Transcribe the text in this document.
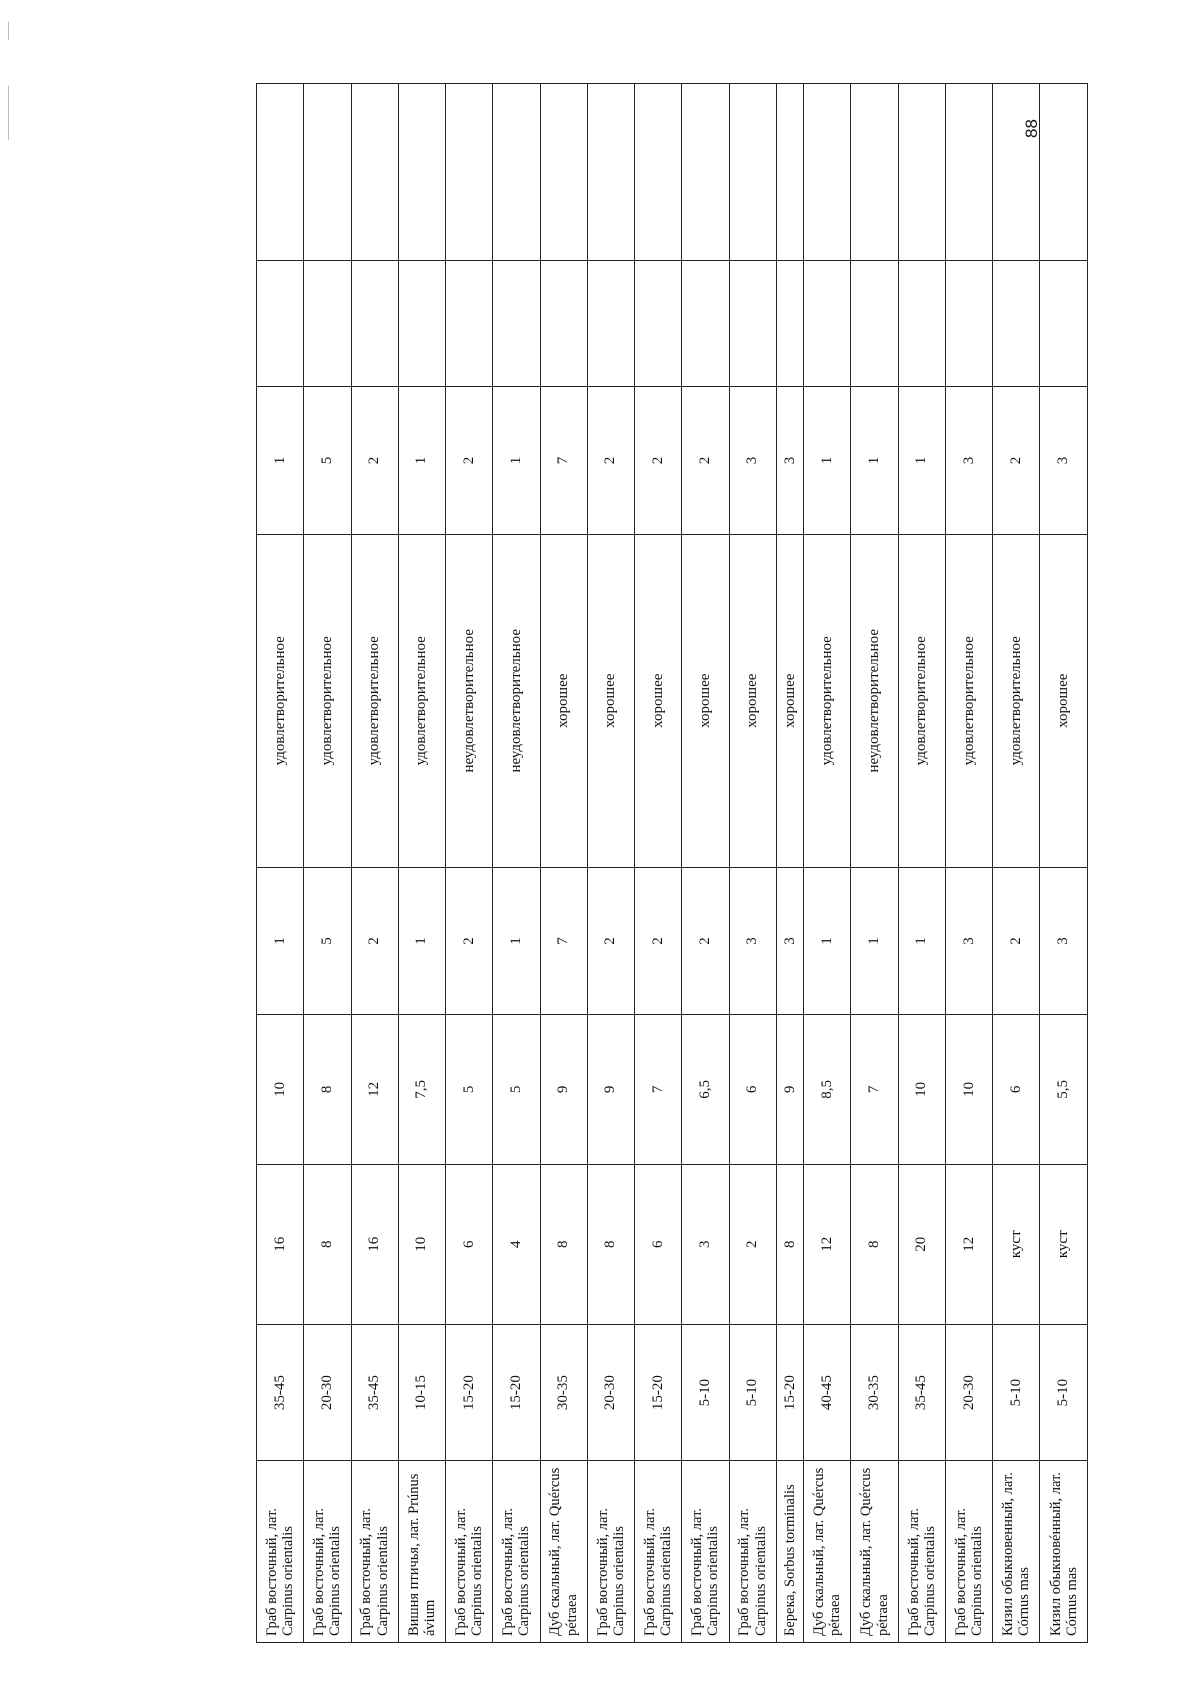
Граб восточный, лат. Carpinus orientalis	35-45	16	10	1	удовлетворительное	1		
Граб восточный, лат. Carpinus orientalis	20-30	8	8	5	удовлетворительное	5		
Граб восточный, лат. Carpinus orientalis	35-45	16	12	2	удовлетворительное	2		
Вишня птичья, лат. Prúnus ávium	10-15	10	7,5	1	удовлетворительное	1		
Граб восточный, лат. Carpinus orientalis	15-20	6	5	2	неудовлетворительное	2		
Граб восточный, лат. Carpinus orientalis	15-20	4	5	1	неудовлетворительное	1		
Дуб скальный, лат. Quércus pétraea	30-35	8	9	7	хорошее	7		
Граб восточный, лат. Carpinus orientalis	20-30	8	9	2	хорошее	2		
Граб восточный, лат. Carpinus orientalis	15-20	6	7	2	хорошее	2		
Граб восточный, лат. Carpinus orientalis	5-10	3	6,5	2	хорошее	2		
Граб восточный, лат. Carpinus orientalis	5-10	2	6	3	хорошее	3		
Берека, Sorbus torminalis	15-20	8	9	3	хорошее	3		
Дуб скальный, лат. Quércus pétraea	40-45	12	8,5	1	удовлетворительное	1		
Дуб скальный, лат. Quércus pétraea	30-35	8	7	1	неудовлетворительное	1		
Граб восточный, лат. Carpinus orientalis	35-45	20	10	1	удовлетворительное	1		
Граб восточный, лат. Carpinus orientalis	20-30	12	10	3	удовлетворительное	3		
Кизил обыкновенный, лат. Córnus mas	5-10	куст	6	2	удовлетворительное	2		
Кизил обыкновéнный, лат. Córnus mas	5-10	куст	5,5	3	хорошее	3		
88
